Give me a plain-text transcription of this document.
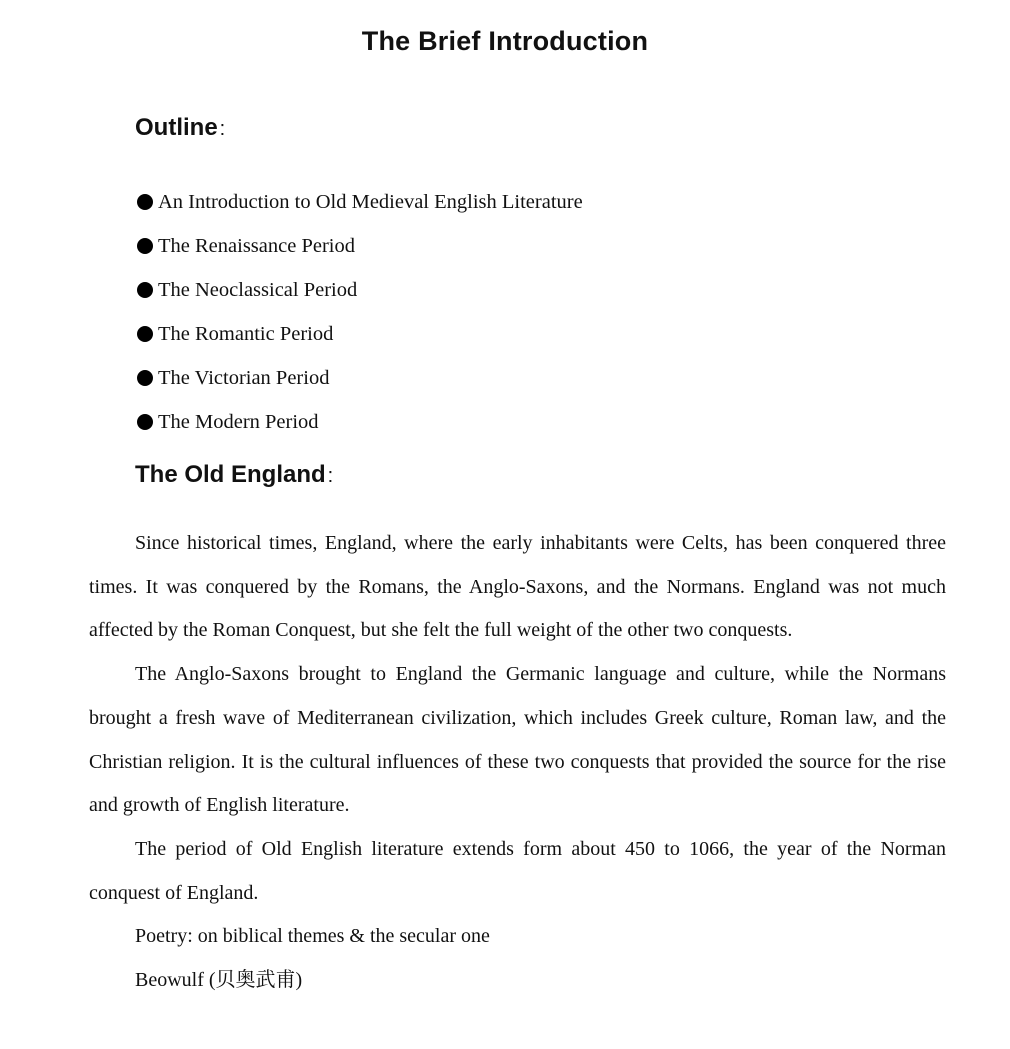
The Brief Introduction
Outline :
An Introduction to Old Medieval English Literature
The Renaissance Period
The Neoclassical Period
The Romantic Period
The Victorian Period
The Modern Period
The Old England :

Since historical times, England, where the early inhabitants were Celts, has been conquered three times. It was conquered by the Romans, the Anglo-Saxons, and the Normans. England was not much affected by the Roman Conquest, but she felt the full weight of the other two conquests.

The Anglo-Saxons brought to England the Germanic language and culture, while the Normans brought a fresh wave of Mediterranean civilization, which includes Greek culture, Roman law, and the Christian religion. It is the cultural influences of these two conquests that provided the source for the rise and growth of English literature.

The period of Old English literature extends form about 450 to 1066, the year of the Norman conquest of England.

Poetry: on biblical themes & the secular one

Beowulf (贝奥武甫)
